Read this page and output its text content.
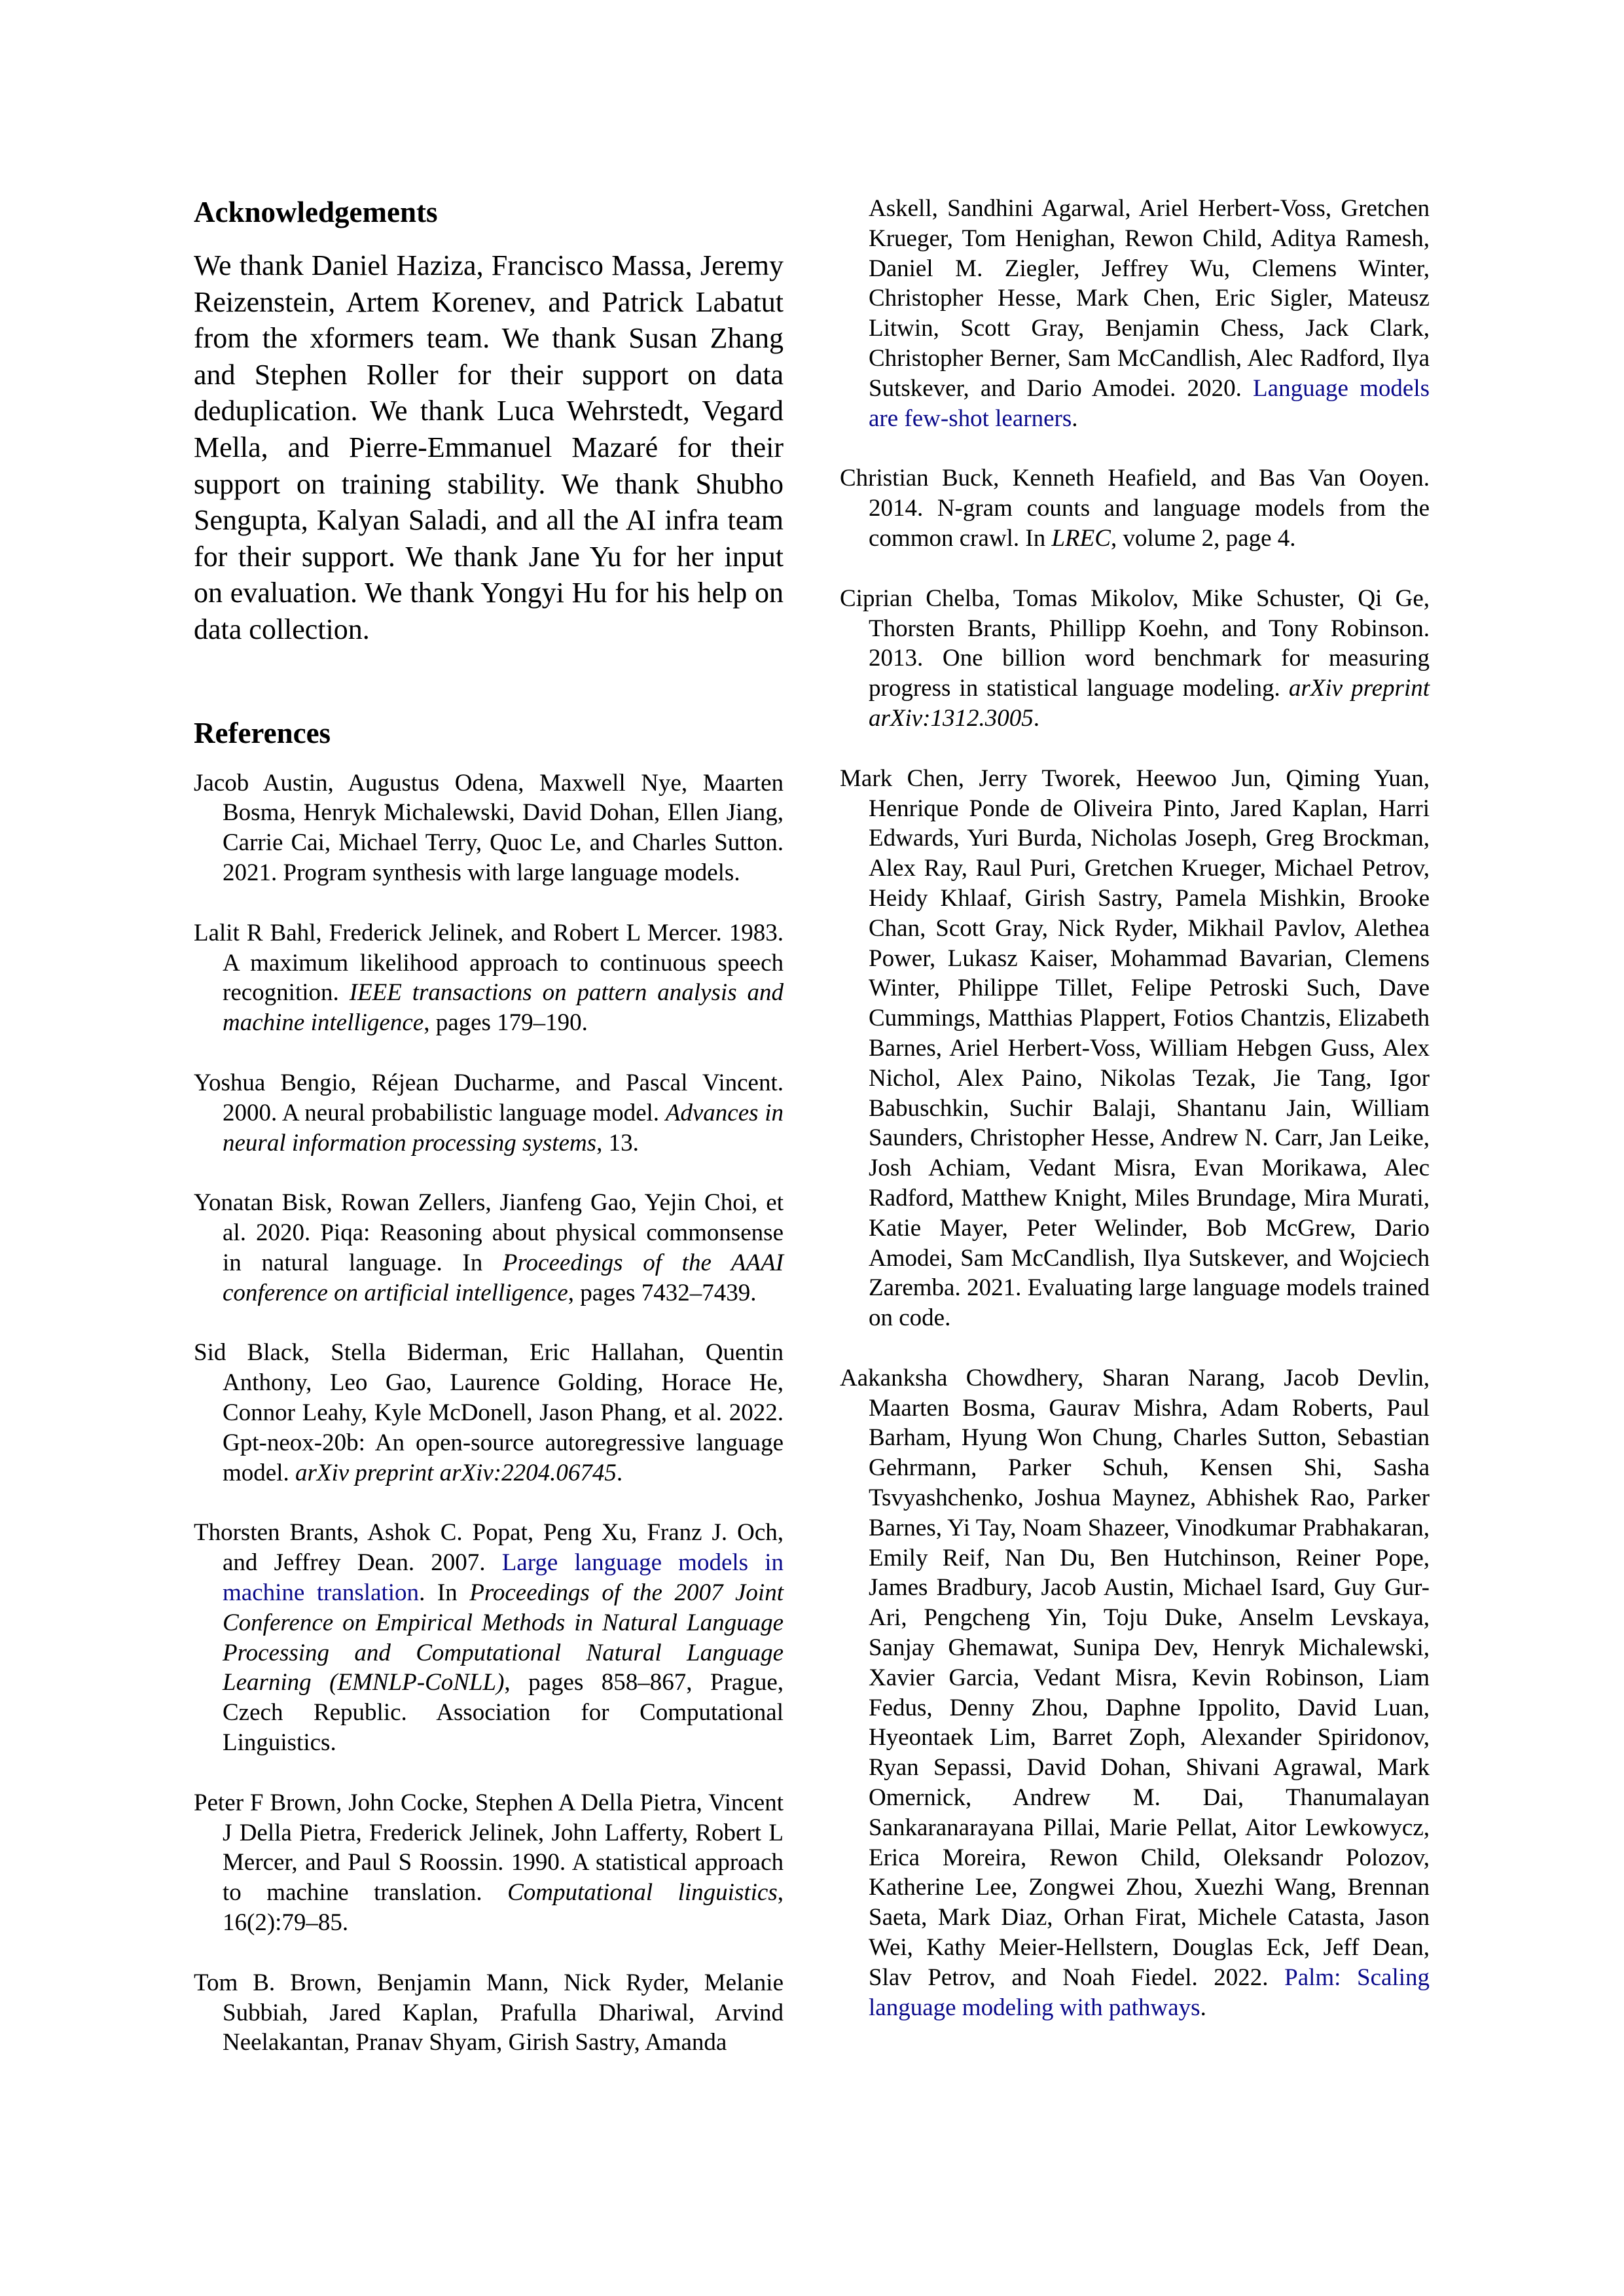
Acknowledgements

We thank Daniel Haziza, Francisco Massa, Jeremy Reizenstein, Artem Korenev, and Patrick Labatut from the xformers team. We thank Susan Zhang and Stephen Roller for their support on data deduplication. We thank Luca Wehrstedt, Vegard Mella, and Pierre-Emmanuel Mazaré for their support on training stability. We thank Shubho Sengupta, Kalyan Saladi, and all the AI infra team for their support. We thank Jane Yu for her input on evaluation. We thank Yongyi Hu for his help on data collection.

References

Jacob Austin, Augustus Odena, Maxwell Nye, Maarten Bosma, Henryk Michalewski, David Dohan, Ellen Jiang, Carrie Cai, Michael Terry, Quoc Le, and Charles Sutton. 2021. Program synthesis with large language models.

Lalit R Bahl, Frederick Jelinek, and Robert L Mercer. 1983. A maximum likelihood approach to continuous speech recognition. IEEE transactions on pattern analysis and machine intelligence, pages 179–190.

Yoshua Bengio, Réjean Ducharme, and Pascal Vincent. 2000. A neural probabilistic language model. Advances in neural information processing systems, 13.

Yonatan Bisk, Rowan Zellers, Jianfeng Gao, Yejin Choi, et al. 2020. Piqa: Reasoning about physical commonsense in natural language. In Proceedings of the AAAI conference on artificial intelligence, pages 7432–7439.

Sid Black, Stella Biderman, Eric Hallahan, Quentin Anthony, Leo Gao, Laurence Golding, Horace He, Connor Leahy, Kyle McDonell, Jason Phang, et al. 2022. Gpt-neox-20b: An open-source autoregressive language model. arXiv preprint arXiv:2204.06745.

Thorsten Brants, Ashok C. Popat, Peng Xu, Franz J. Och, and Jeffrey Dean. 2007. Large language models in machine translation. In Proceedings of the 2007 Joint Conference on Empirical Methods in Natural Language Processing and Computational Natural Language Learning (EMNLP-CoNLL), pages 858–867, Prague, Czech Republic. Association for Computational Linguistics.

Peter F Brown, John Cocke, Stephen A Della Pietra, Vincent J Della Pietra, Frederick Jelinek, John Lafferty, Robert L Mercer, and Paul S Roossin. 1990. A statistical approach to machine translation. Computational linguistics, 16(2):79–85.

Tom B. Brown, Benjamin Mann, Nick Ryder, Melanie Subbiah, Jared Kaplan, Prafulla Dhariwal, Arvind Neelakantan, Pranav Shyam, Girish Sastry, Amanda

Askell, Sandhini Agarwal, Ariel Herbert-Voss, Gretchen Krueger, Tom Henighan, Rewon Child, Aditya Ramesh, Daniel M. Ziegler, Jeffrey Wu, Clemens Winter, Christopher Hesse, Mark Chen, Eric Sigler, Mateusz Litwin, Scott Gray, Benjamin Chess, Jack Clark, Christopher Berner, Sam McCandlish, Alec Radford, Ilya Sutskever, and Dario Amodei. 2020. Language models are few-shot learners.

Christian Buck, Kenneth Heafield, and Bas Van Ooyen. 2014. N-gram counts and language models from the common crawl. In LREC, volume 2, page 4.

Ciprian Chelba, Tomas Mikolov, Mike Schuster, Qi Ge, Thorsten Brants, Phillipp Koehn, and Tony Robinson. 2013. One billion word benchmark for measuring progress in statistical language modeling. arXiv preprint arXiv:1312.3005.

Mark Chen, Jerry Tworek, Heewoo Jun, Qiming Yuan, Henrique Ponde de Oliveira Pinto, Jared Kaplan, Harri Edwards, Yuri Burda, Nicholas Joseph, Greg Brockman, Alex Ray, Raul Puri, Gretchen Krueger, Michael Petrov, Heidy Khlaaf, Girish Sastry, Pamela Mishkin, Brooke Chan, Scott Gray, Nick Ryder, Mikhail Pavlov, Alethea Power, Lukasz Kaiser, Mohammad Bavarian, Clemens Winter, Philippe Tillet, Felipe Petroski Such, Dave Cummings, Matthias Plappert, Fotios Chantzis, Elizabeth Barnes, Ariel Herbert-Voss, William Hebgen Guss, Alex Nichol, Alex Paino, Nikolas Tezak, Jie Tang, Igor Babuschkin, Suchir Balaji, Shantanu Jain, William Saunders, Christopher Hesse, Andrew N. Carr, Jan Leike, Josh Achiam, Vedant Misra, Evan Morikawa, Alec Radford, Matthew Knight, Miles Brundage, Mira Murati, Katie Mayer, Peter Welinder, Bob McGrew, Dario Amodei, Sam McCandlish, Ilya Sutskever, and Wojciech Zaremba. 2021. Evaluating large language models trained on code.

Aakanksha Chowdhery, Sharan Narang, Jacob Devlin, Maarten Bosma, Gaurav Mishra, Adam Roberts, Paul Barham, Hyung Won Chung, Charles Sutton, Sebastian Gehrmann, Parker Schuh, Kensen Shi, Sasha Tsvyashchenko, Joshua Maynez, Abhishek Rao, Parker Barnes, Yi Tay, Noam Shazeer, Vinodkumar Prabhakaran, Emily Reif, Nan Du, Ben Hutchinson, Reiner Pope, James Bradbury, Jacob Austin, Michael Isard, Guy Gur-Ari, Pengcheng Yin, Toju Duke, Anselm Levskaya, Sanjay Ghemawat, Sunipa Dev, Henryk Michalewski, Xavier Garcia, Vedant Misra, Kevin Robinson, Liam Fedus, Denny Zhou, Daphne Ippolito, David Luan, Hyeontaek Lim, Barret Zoph, Alexander Spiridonov, Ryan Sepassi, David Dohan, Shivani Agrawal, Mark Omernick, Andrew M. Dai, Thanumalayan Sankaranarayana Pillai, Marie Pellat, Aitor Lewkowycz, Erica Moreira, Rewon Child, Oleksandr Polozov, Katherine Lee, Zongwei Zhou, Xuezhi Wang, Brennan Saeta, Mark Diaz, Orhan Firat, Michele Catasta, Jason Wei, Kathy Meier-Hellstern, Douglas Eck, Jeff Dean, Slav Petrov, and Noah Fiedel. 2022. Palm: Scaling language modeling with pathways.
